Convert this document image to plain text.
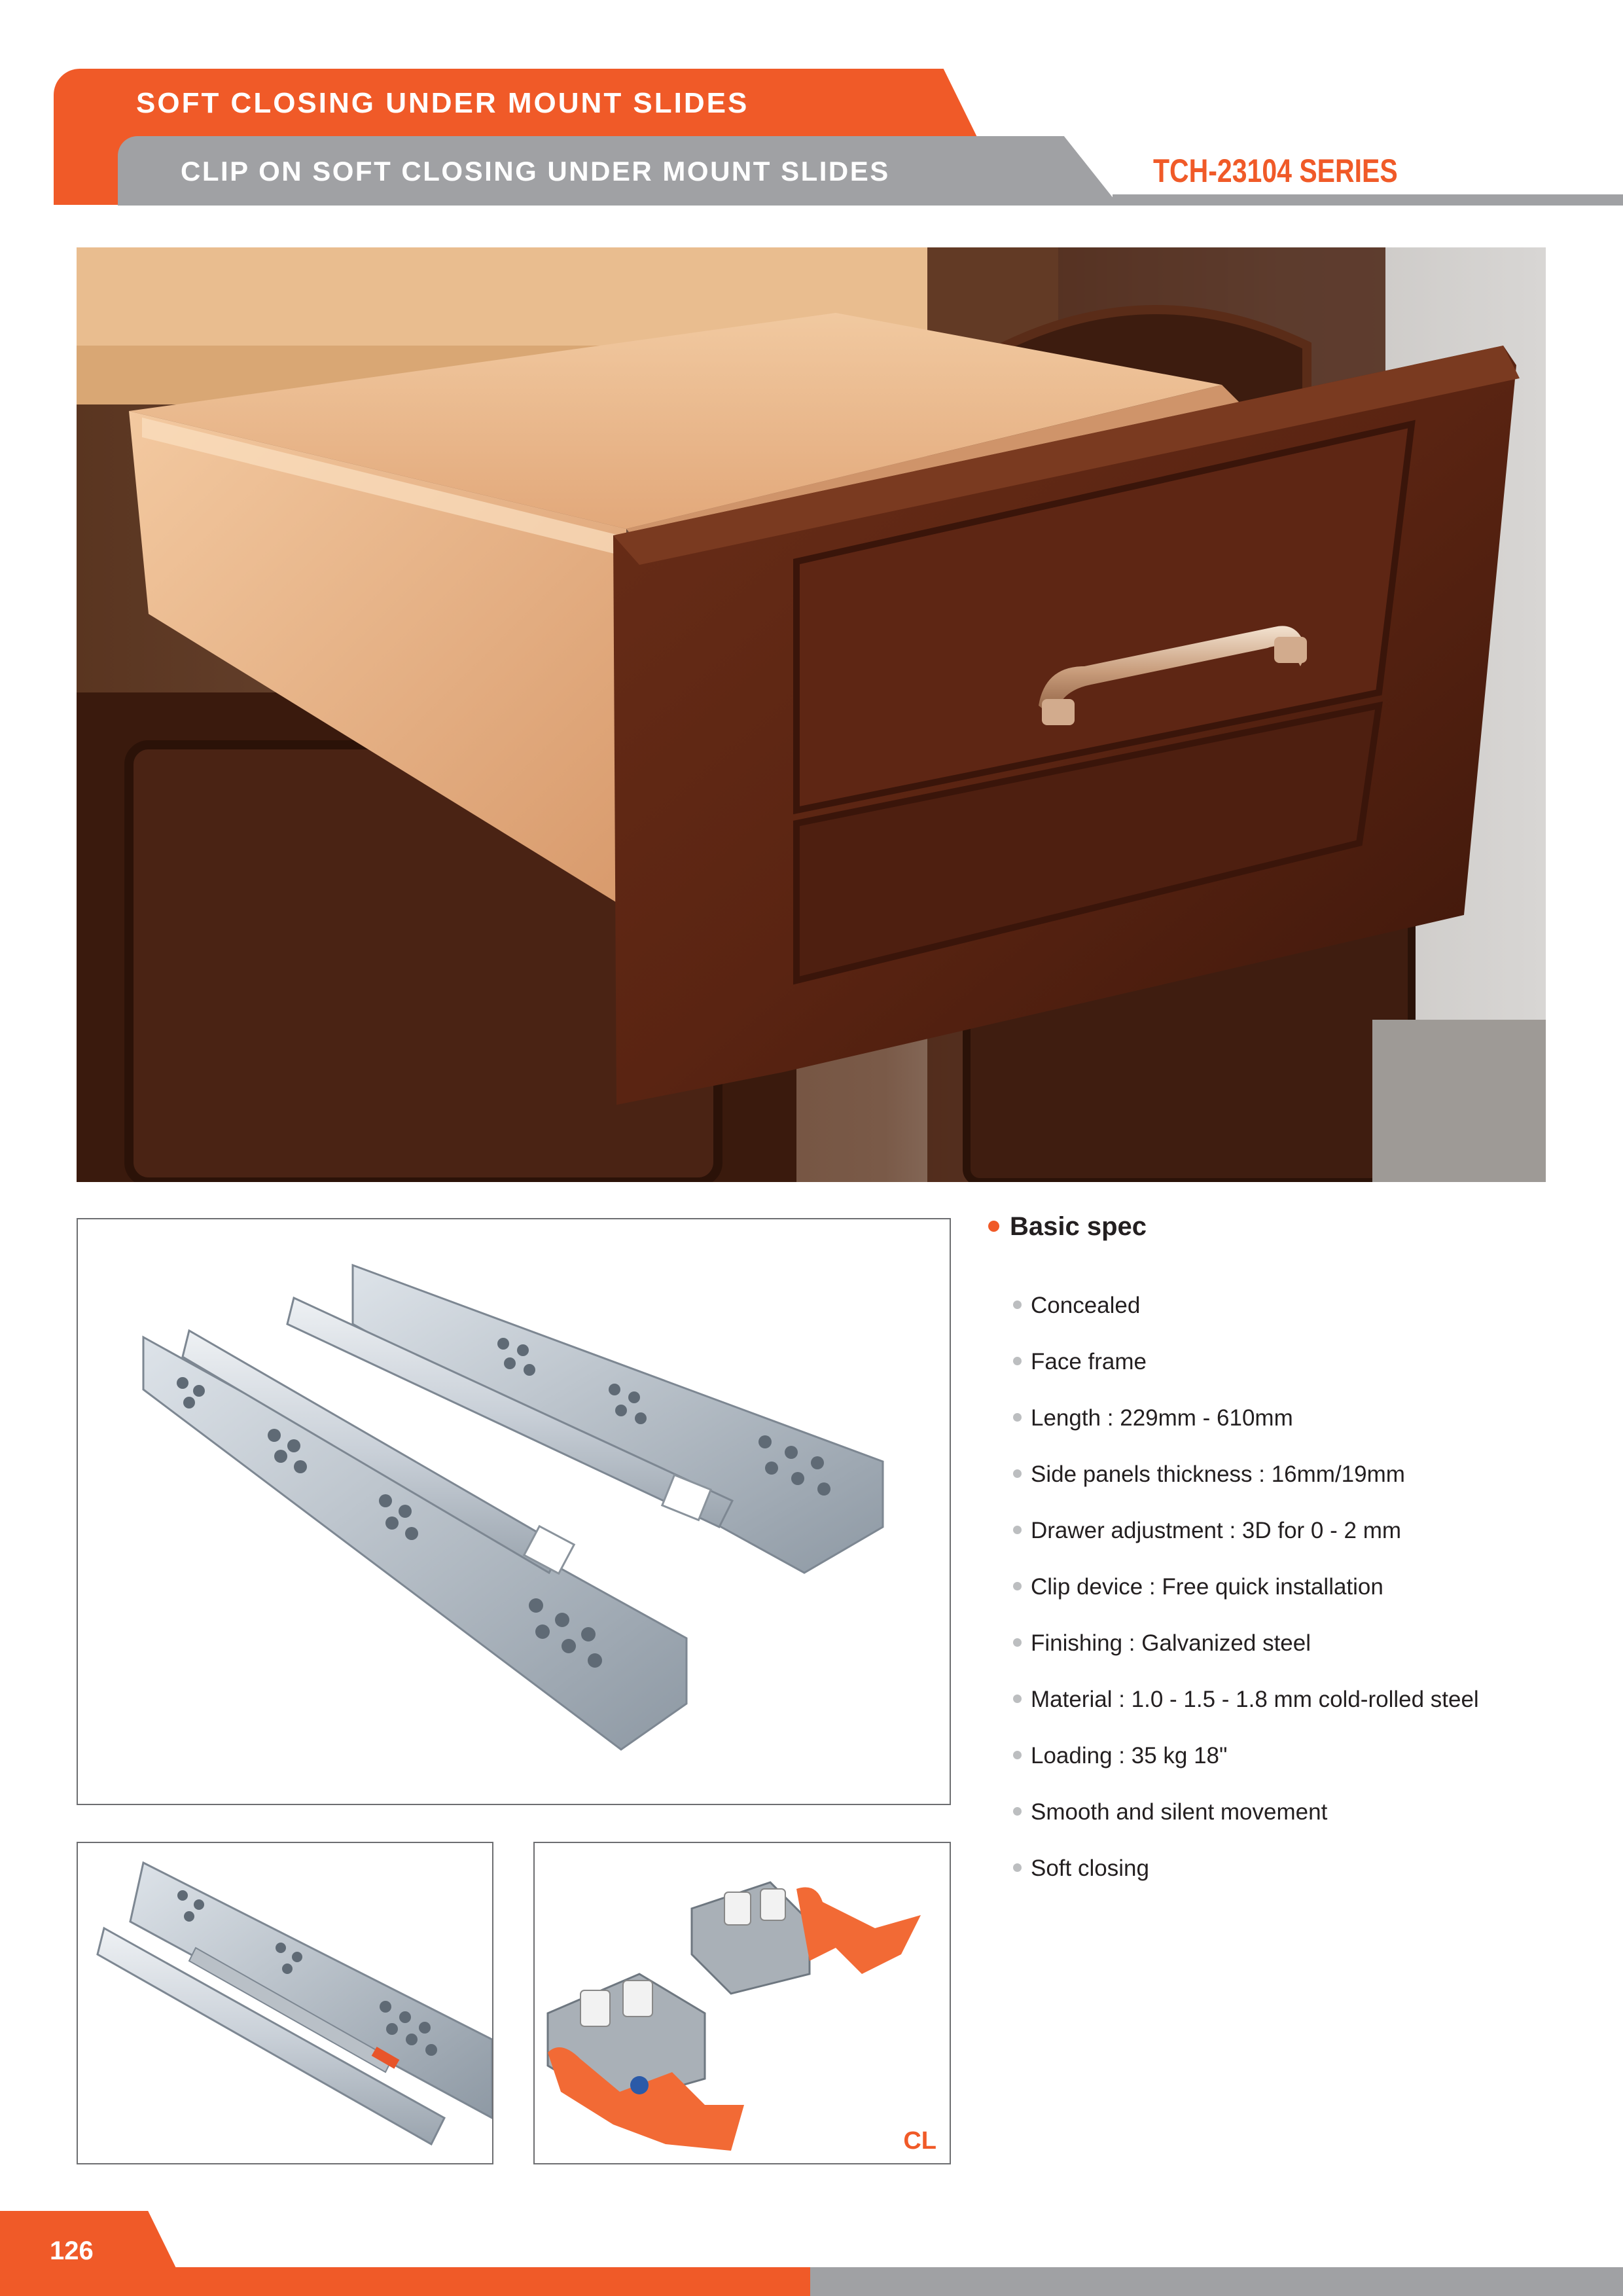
SOFT CLOSING UNDER MOUNT SLIDES
CLIP ON SOFT CLOSING UNDER MOUNT SLIDES	TCH-23104 SERIES
CL
Basic spec
Concealed
Face frame
Length : 229mm - 610mm
Side panels thickness : 16mm/19mm
Drawer adjustment : 3D for 0 - 2 mm
Clip device : Free quick installation
Finishing : Galvanized steel
Material : 1.0 - 1.5 - 1.8 mm cold-rolled steel
Loading : 35 kg 18"
Smooth and silent movement
Soft closing
126
